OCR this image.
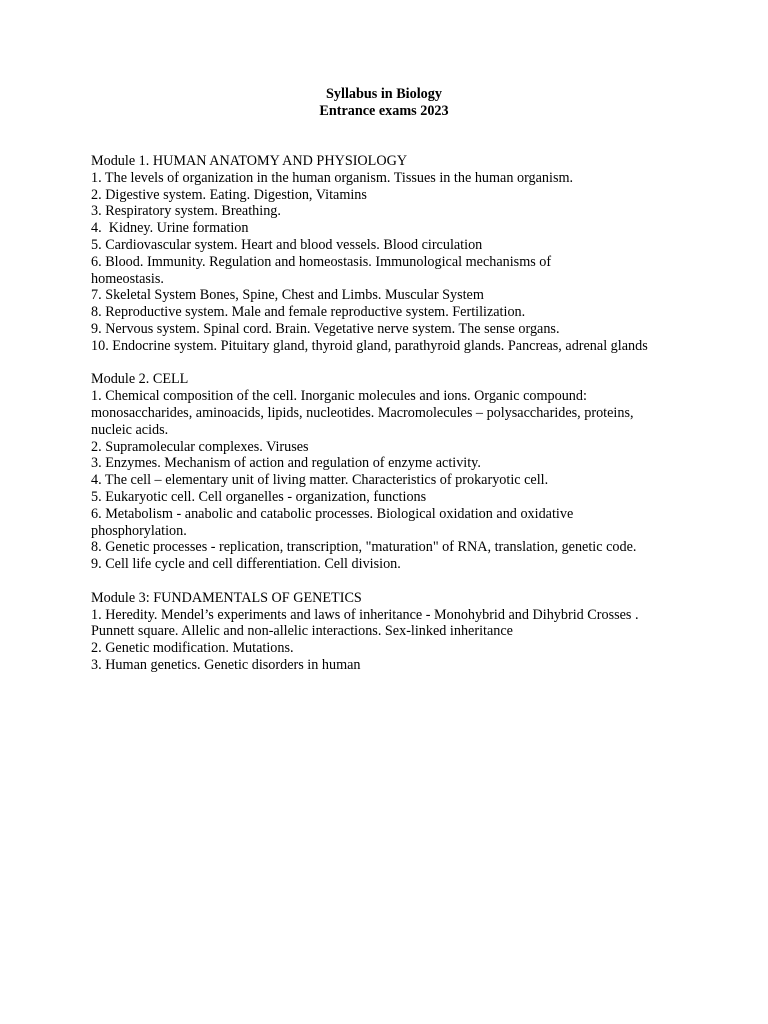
Syllabus in Biology
Entrance exams 2023
Module 1. HUMAN ANATOMY AND PHYSIOLOGY
1. The levels of organization in the human organism. Tissues in the human organism.
2. Digestive system. Eating. Digestion, Vitamins
3. Respiratory system. Breathing.
4.  Kidney. Urine formation
5. Cardiovascular system. Heart and blood vessels. Blood circulation
6. Blood. Immunity. Regulation and homeostasis. Immunological mechanisms of homeostasis.
7. Skeletal System Bones, Spine, Chest and Limbs. Muscular System
8. Reproductive system. Male and female reproductive system. Fertilization.
9. Nervous system. Spinal cord. Brain. Vegetative nerve system. The sense organs.
10. Endocrine system. Pituitary gland, thyroid gland, parathyroid glands. Pancreas, adrenal glands
Module 2. CELL
1. Chemical composition of the cell. Inorganic molecules and ions. Organic compound: monosaccharides, aminoacids, lipids, nucleotides. Macromolecules – polysaccharides, proteins, nucleic acids.
2. Supramolecular complexes. Viruses
3. Enzymes. Mechanism of action and regulation of enzyme activity.
4. The cell – elementary unit of living matter. Characteristics of prokaryotic cell.
5. Eukaryotic cell. Cell organelles - organization, functions
6. Metabolism - anabolic and catabolic processes. Biological oxidation and oxidative phosphorylation.
8. Genetic processes - replication, transcription, "maturation" of RNA, translation, genetic code.
9. Cell life cycle and cell differentiation. Cell division.
Module 3: FUNDAMENTALS OF GENETICS
1. Heredity. Mendel’s experiments and laws of inheritance - Monohybrid and Dihybrid Crosses . Punnett square. Allelic and non-allelic interactions. Sex-linked inheritance
2. Genetic modification. Mutations.
3. Human genetics. Genetic disorders in human
